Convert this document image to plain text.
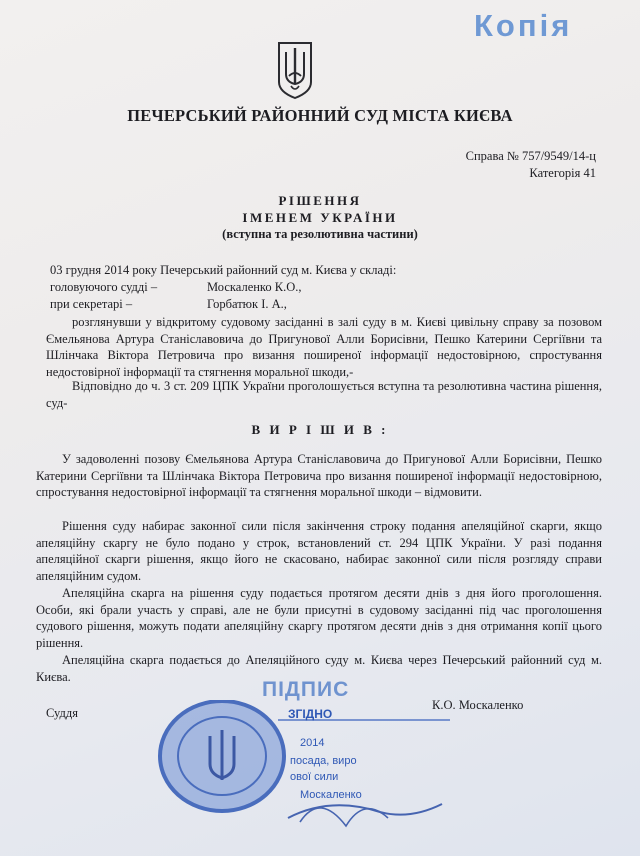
Копія
ПЕЧЕРСЬКИЙ РАЙОННИЙ СУД МІСТА КИЄВА
Справа № 757/9549/14-ц
Категорія 41
РІШЕННЯ
ІМЕНЕМ УКРАЇНИ
(вступна та резолютивна частини)
03 грудня 2014 року Печерський районний суд м. Києва у складі:
головуючого судді –	Москаленко К.О.,
при секретарі –	Горбатюк І. А.,
розглянувши у відкритому судовому засіданні в залі суду в м. Києві цивільну справу за позовом Ємельянова Артура Станіславовича до Пригунової Алли Борисівни, Пешко Катерини Сергіївни та Шлінчака Віктора Петровича про визання поширеної інформації недостовірною, спростування недостовірної інформації та стягнення моральної шкоди,-
Відповідно до ч. 3 ст. 209 ЦПК України проголошується вступна та резолютивна частина рішення, суд-
В И Р І Ш И В :
У задоволенні позову Ємельянова Артура Станіславовича до Пригунової Алли Борисівни, Пешко Катерини Сергіївни та Шлінчака Віктора Петровича про визання поширеної інформації недостовірною, спростування недостовірної інформації та стягнення моральної шкоди – відмовити.
Рішення суду набирає законної сили після закінчення строку подання апеляційної скарги, якщо апеляційну скаргу не було подано у строк, встановлений ст. 294 ЦПК України. У разі подання апеляційної скарги рішення, якщо його не скасовано, набирає законної сили після розгляду справи апеляційним судом.
Апеляційна скарга на рішення суду подається протягом десяти днів з дня його проголошення. Особи, які брали участь у справі, але не були присутні в судовому засіданні під час проголошення судового рішення, можуть подати апеляційну скаргу протягом десяти днів з дня отримання копії цього рішення.
Апеляційна скарга подається до Апеляційного суду м. Києва через Печерський районний суд м. Києва.
ПІДПИС
Суддя
К.О. Москаленко
ЗГІДНО
2014
посада, виро
ової сили
Москаленко
